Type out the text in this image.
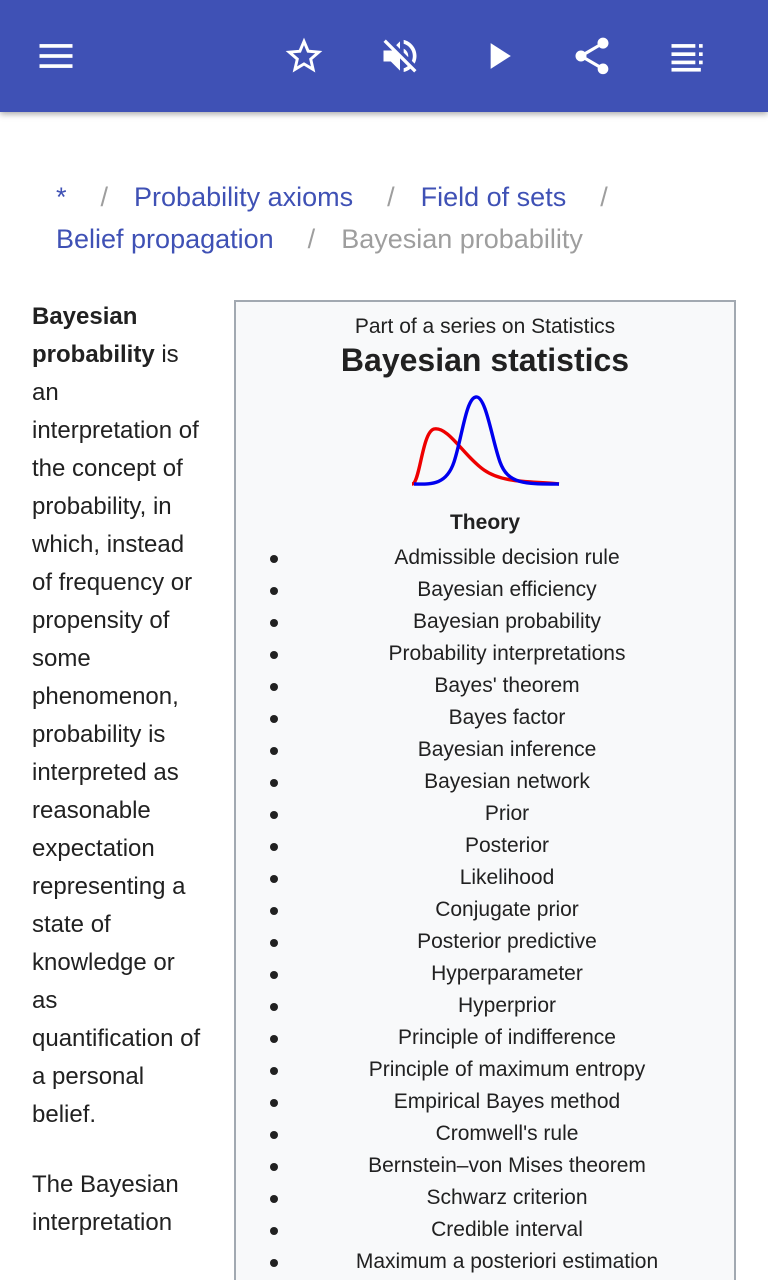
* / Probability axioms / Field of sets /
Belief propagation / Bayesian probability

Bayesian probability is an interpretation of the concept of probability, in which, instead of frequency or propensity of some phenomenon, probability is interpreted as reasonable expectation representing a state of knowledge or as quantification of a personal belief.

The Bayesian interpretation

Part of a series on Statistics
Bayesian statistics
Theory
Admissible decision rule
Bayesian efficiency
Bayesian probability
Probability interpretations
Bayes' theorem
Bayes factor
Bayesian inference
Bayesian network
Prior
Posterior
Likelihood
Conjugate prior
Posterior predictive
Hyperparameter
Hyperprior
Principle of indifference
Principle of maximum entropy
Empirical Bayes method
Cromwell's rule
Bernstein–von Mises theorem
Schwarz criterion
Credible interval
Maximum a posteriori estimation
